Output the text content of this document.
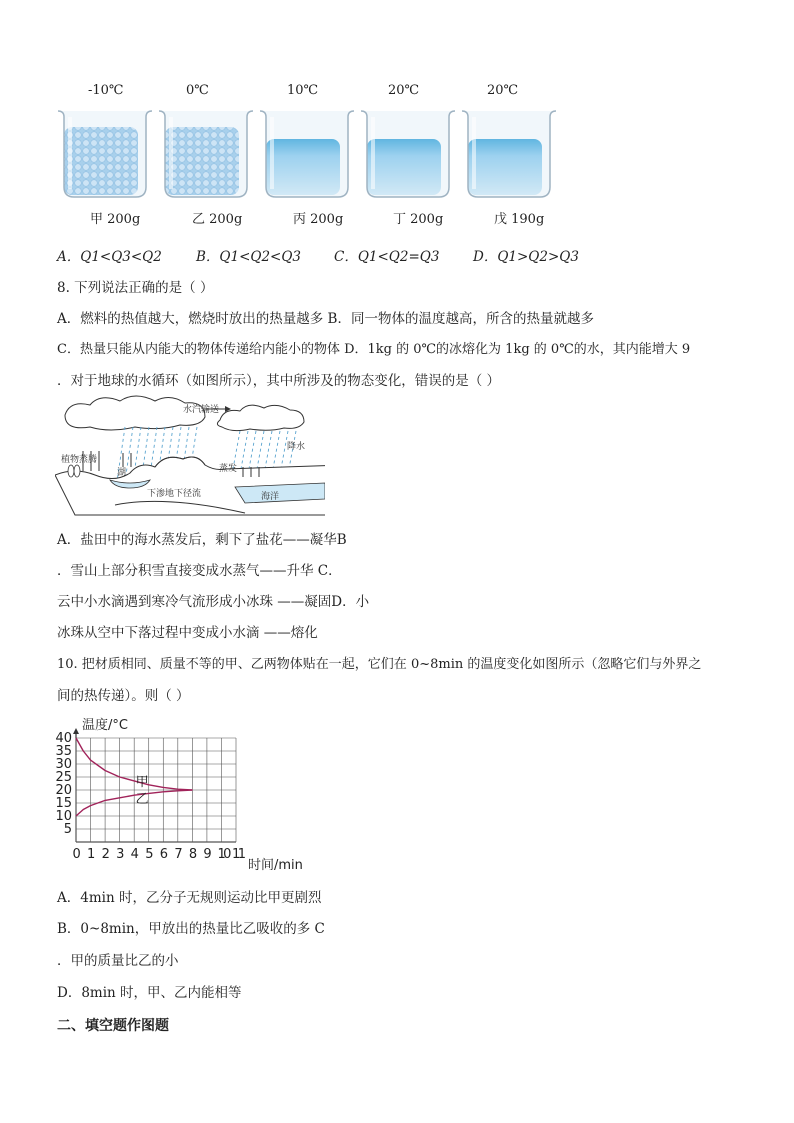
-10℃	0℃	10℃	20℃	20℃
甲 200g	乙 200g	丙 200g	丁 200g	戊 190g
A．Q1<Q3<Q2	B．Q1<Q2<Q3 C．Q1<Q2=Q3 D．Q1>Q2>Q3
8. 下列说法正确的是（ ）
A．燃料的热值越大，燃烧时放出的热量越多 B．同一物体的温度越高，所含的热量就越多
C．热量只能从内能大的物体传递给内能小的物体 D．1kg 的 0℃的冰熔化为 1kg 的 0℃的水，其内能增大 9
．对于地球的水循环（如图所示），其中所涉及的物态变化，错误的是（ ）
水汽输送
降水
湖
海洋
蒸发
植物蒸腾
下渗地下径流
A．盐田中的海水蒸发后，剩下了盐花——凝华B
．雪山上部分积雪直接变成水蒸气——升华 C．
云中小水滴遇到寒冷气流形成小冰珠 ——凝固D．小
冰珠从空中下落过程中变成小水滴 ——熔化
10. 把材质相同、质量不等的甲、乙两物体贴在一起，它们在 0~8min 的温度变化如图所示（忽略它们与外界之
间的热传递）。则（ ）
甲
乙
0 1 2 3 4 5 6 7 8 9 10 11
5
10
15
20
25
30
35
40
温度/°C
时间/min
A．4min 时，乙分子无规则运动比甲更剧烈
B．0~8min，甲放出的热量比乙吸收的多 C
．甲的质量比乙的小
D．8min 时，甲、乙内能相等
二、填空题作图题
